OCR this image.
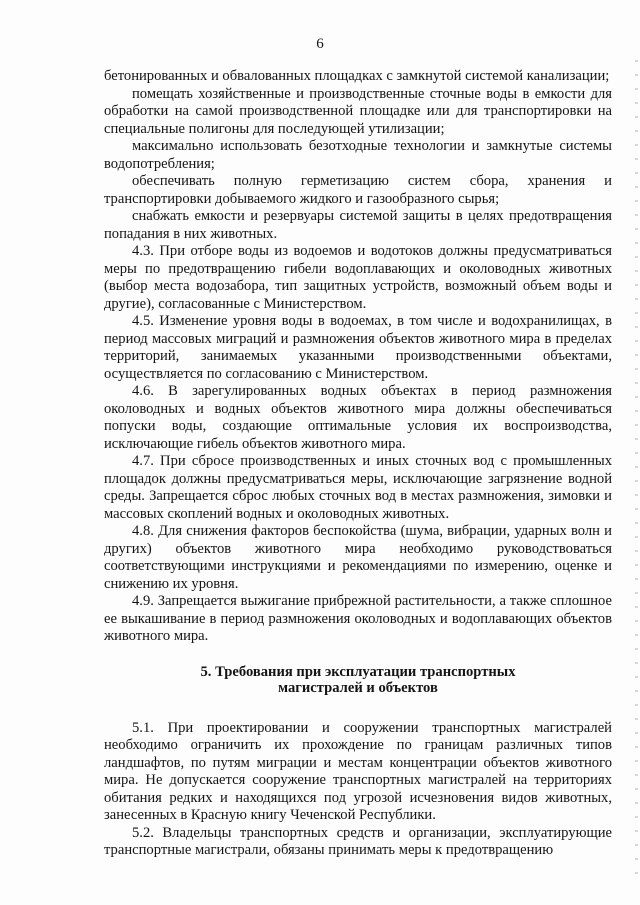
6

бетонированных и обвалованных площадках с замкнутой системой канализации;

помещать хозяйственные и производственные сточные воды в емкости для обработки на самой производственной площадке или для транспортировки на специальные полигоны для последующей утилизации;

максимально использовать безотходные технологии и замкнутые системы водопотребления;

обеспечивать полную герметизацию систем сбора, хранения и транспортировки добываемого жидкого и газообразного сырья;

снабжать емкости и резервуары системой защиты в целях предотвращения попадания в них животных.

4.3. При отборе воды из водоемов и водотоков должны предусматриваться меры по предотвращению гибели водоплавающих и околоводных животных (выбор места водозабора, тип защитных устройств, возможный объем воды и другие), согласованные с Министерством.

4.5. Изменение уровня воды в водоемах, в том числе и водохранилищах, в период массовых миграций и размножения объектов животного мира в пределах территорий, занимаемых указанными производственными объектами, осуществляется по согласованию с Министерством.

4.6. В зарегулированных водных объектах в период размножения околоводных и водных объектов животного мира должны обеспечиваться попуски воды, создающие оптимальные условия их воспроизводства, исключающие гибель объектов животного мира.

4.7. При сбросе производственных и иных сточных вод с промышленных площадок должны предусматриваться меры, исключающие загрязнение водной среды. Запрещается сброс любых сточных вод в местах размножения, зимовки и массовых скоплений водных и околоводных животных.

4.8. Для снижения факторов беспокойства (шума, вибрации, ударных волн и других) объектов животного мира необходимо руководствоваться соответствующими инструкциями и рекомендациями по измерению, оценке и снижению их уровня.

4.9. Запрещается выжигание прибрежной растительности, а также сплошное ее выкашивание в период размножения околоводных и водоплавающих объектов животного мира.

5. Требования при эксплуатации транспортных
магистралей и объектов

5.1. При проектировании и сооружении транспортных магистралей необходимо ограничить их прохождение по границам различных типов ландшафтов, по путям миграции и местам концентрации объектов животного мира. Не допускается сооружение транспортных магистралей на территориях обитания редких и находящихся под угрозой исчезновения видов животных, занесенных в Красную книгу Чеченской Республики.

5.2. Владельцы транспортных средств и организации, эксплуатирующие транспортные магистрали, обязаны принимать меры к предотвращению
